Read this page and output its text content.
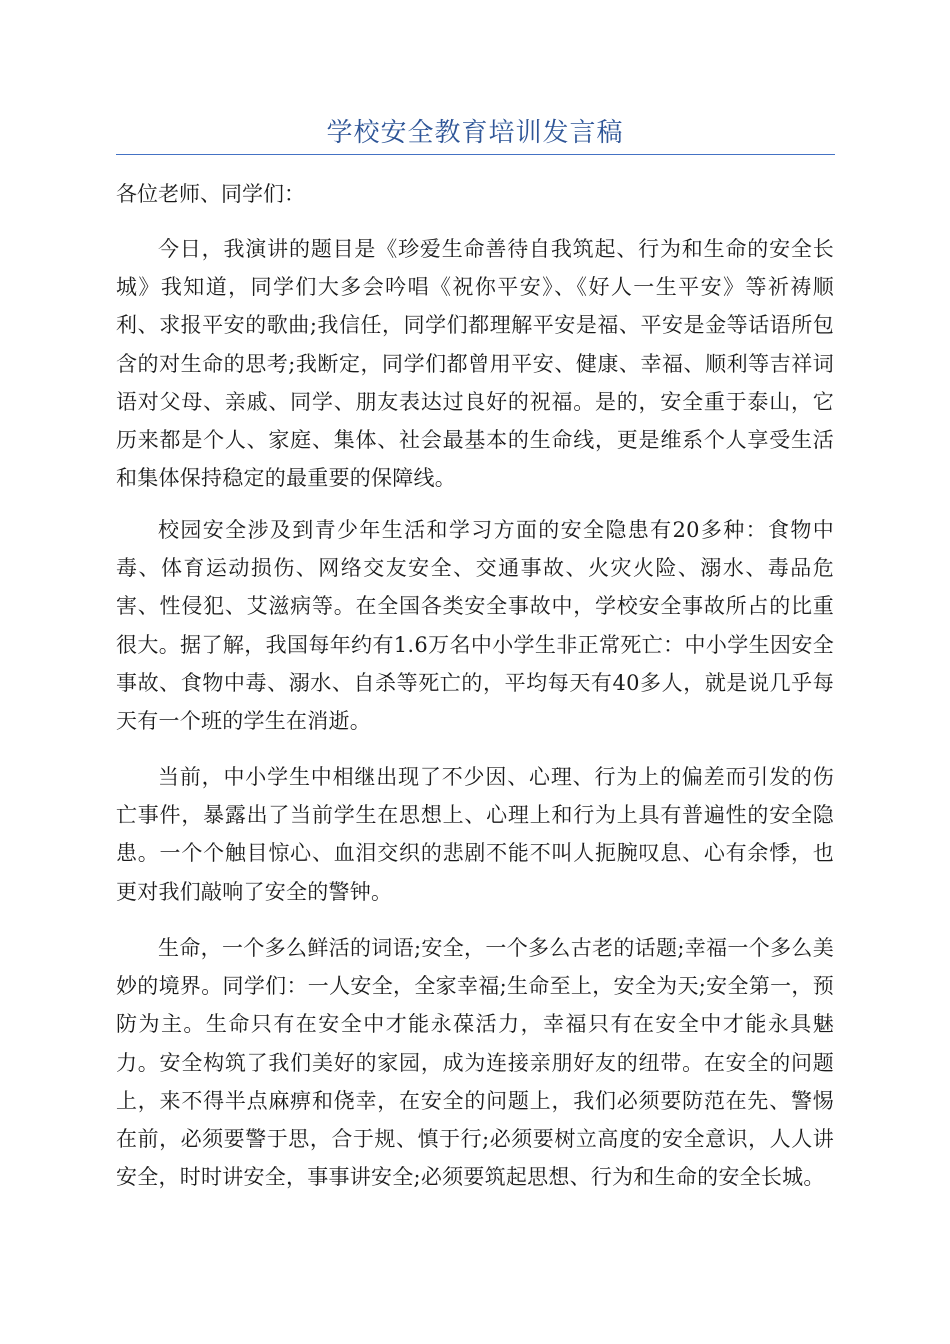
学校安全教育培训发言稿

各位老师、同学们：

今日，我演讲的题目是《珍爱生命善待自我筑起、行为和生命的安全长城》我知道，同学们大多会吟唱《祝你平安》、《好人一生平安》等祈祷顺利、求报平安的歌曲;我信任，同学们都理解平安是福、平安是金等话语所包含的对生命的思考;我断定，同学们都曾用平安、健康、幸福、顺利等吉祥词语对父母、亲戚、同学、朋友表达过良好的祝福。是的，安全重于泰山，它历来都是个人、家庭、集体、社会最基本的生命线，更是维系个人享受生活和集体保持稳定的最重要的保障线。

校园安全涉及到青少年生活和学习方面的安全隐患有20多种：食物中毒、体育运动损伤、网络交友安全、交通事故、火灾火险、溺水、毒品危害、性侵犯、艾滋病等。在全国各类安全事故中，学校安全事故所占的比重很大。据了解，我国每年约有1.6万名中小学生非正常死亡：中小学生因安全事故、食物中毒、溺水、自杀等死亡的，平均每天有40多人，就是说几乎每天有一个班的学生在消逝。

当前，中小学生中相继出现了不少因、心理、行为上的偏差而引发的伤亡事件，暴露出了当前学生在思想上、心理上和行为上具有普遍性的安全隐患。一个个触目惊心、血泪交织的悲剧不能不叫人扼腕叹息、心有余悸，也更对我们敲响了安全的警钟。

生命，一个多么鲜活的词语;安全，一个多么古老的话题;幸福一个多么美妙的境界。同学们：一人安全，全家幸福;生命至上，安全为天;安全第一，预防为主。生命只有在安全中才能永葆活力，幸福只有在安全中才能永具魅力。安全构筑了我们美好的家园，成为连接亲朋好友的纽带。在安全的问题上，来不得半点麻痹和侥幸，在安全的问题上，我们必须要防范在先、警惕在前，必须要警于思，合于规、慎于行;必须要树立高度的安全意识，人人讲安全，时时讲安全，事事讲安全;必须要筑起思想、行为和生命的安全长城。
